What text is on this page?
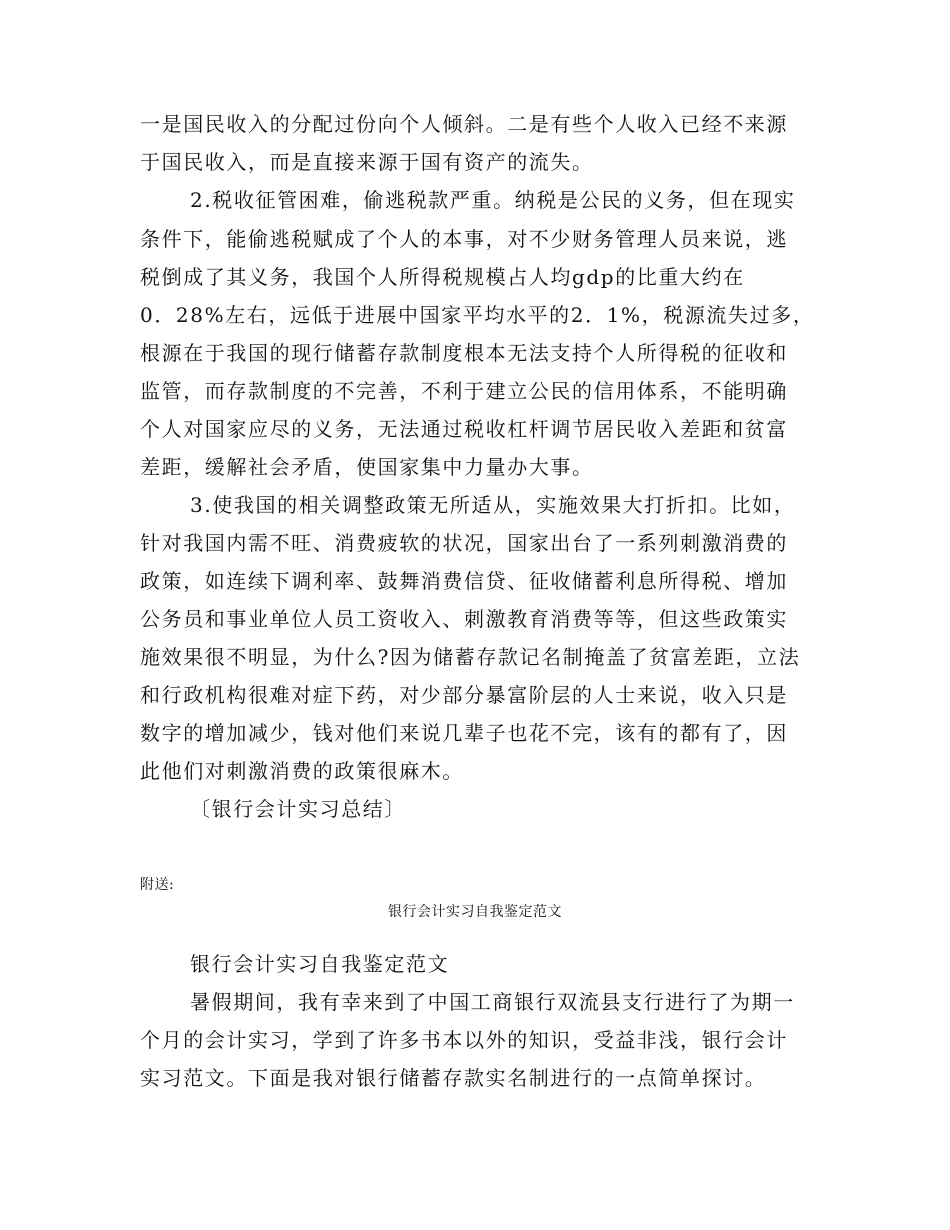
一是国民收入的分配过份向个人倾斜。二是有些个人收入已经不来源
于国民收入，而是直接来源于国有资产的流失。
2.税收征管困难，偷逃税款严重。纳税是公民的义务，但在现实
条件下，能偷逃税赋成了个人的本事，对不少财务管理人员来说，逃
税倒成了其义务，我国个人所得税规模占人均gdp的比重大约在
0．28%左右，远低于进展中国家平均水平的2．1%，税源流失过多，
根源在于我国的现行储蓄存款制度根本无法支持个人所得税的征收和
监管，而存款制度的不完善，不利于建立公民的信用体系，不能明确
个人对国家应尽的义务，无法通过税收杠杆调节居民收入差距和贫富
差距，缓解社会矛盾，使国家集中力量办大事。
3.使我国的相关调整政策无所适从，实施效果大打折扣。比如，
针对我国内需不旺、消费疲软的状况，国家出台了一系列刺激消费的
政策，如连续下调利率、鼓舞消费信贷、征收储蓄利息所得税、增加
公务员和事业单位人员工资收入、刺激教育消费等等，但这些政策实
施效果很不明显，为什么?因为储蓄存款记名制掩盖了贫富差距，立法
和行政机构很难对症下药，对少部分暴富阶层的人士来说，收入只是
数字的增加减少，钱对他们来说几辈子也花不完，该有的都有了，因
此他们对刺激消费的政策很麻木。
〔银行会计实习总结〕
附送:
银行会计实习自我鉴定范文
银行会计实习自我鉴定范文
暑假期间，我有幸来到了中国工商银行双流县支行进行了为期一
个月的会计实习，学到了许多书本以外的知识，受益非浅，银行会计
实习范文。下面是我对银行储蓄存款实名制进行的一点简单探讨。
